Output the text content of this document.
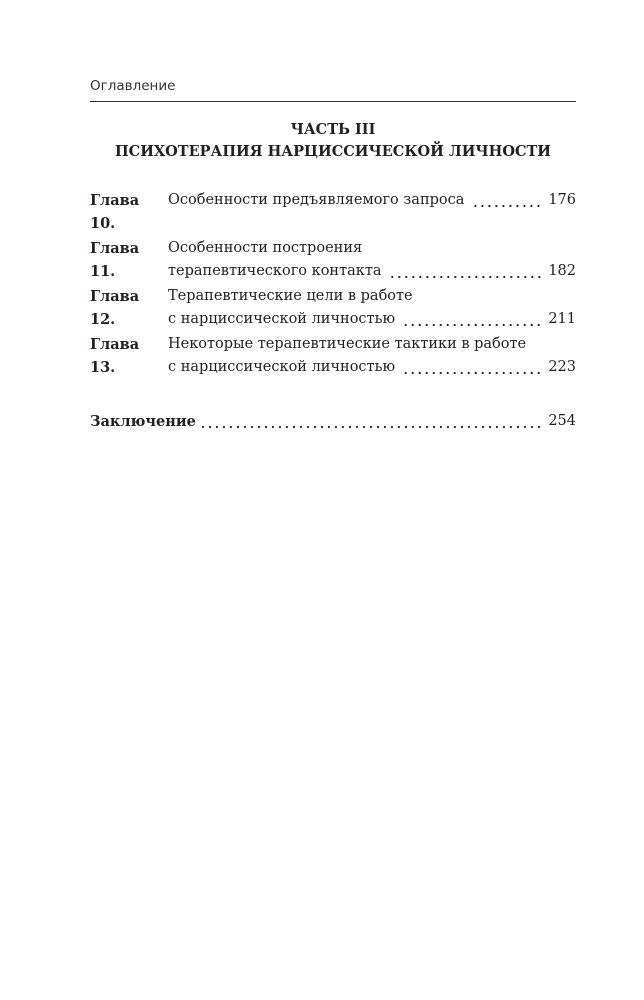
Оглавление
ЧАСТЬ III
ПСИХОТЕРАПИЯ НАРЦИССИЧЕСКОЙ ЛИЧНОСТИ
Глава 10.
Особенности предъявляемого запроса	176
Глава 11.
Особенности построения
терапевтического контакта	182
Глава 12.
Терапевтические цели в работе
с нарциссической личностью	211
Глава 13.
Некоторые терапевтические тактики в работе
с нарциссической личностью	223
Заключение	254
